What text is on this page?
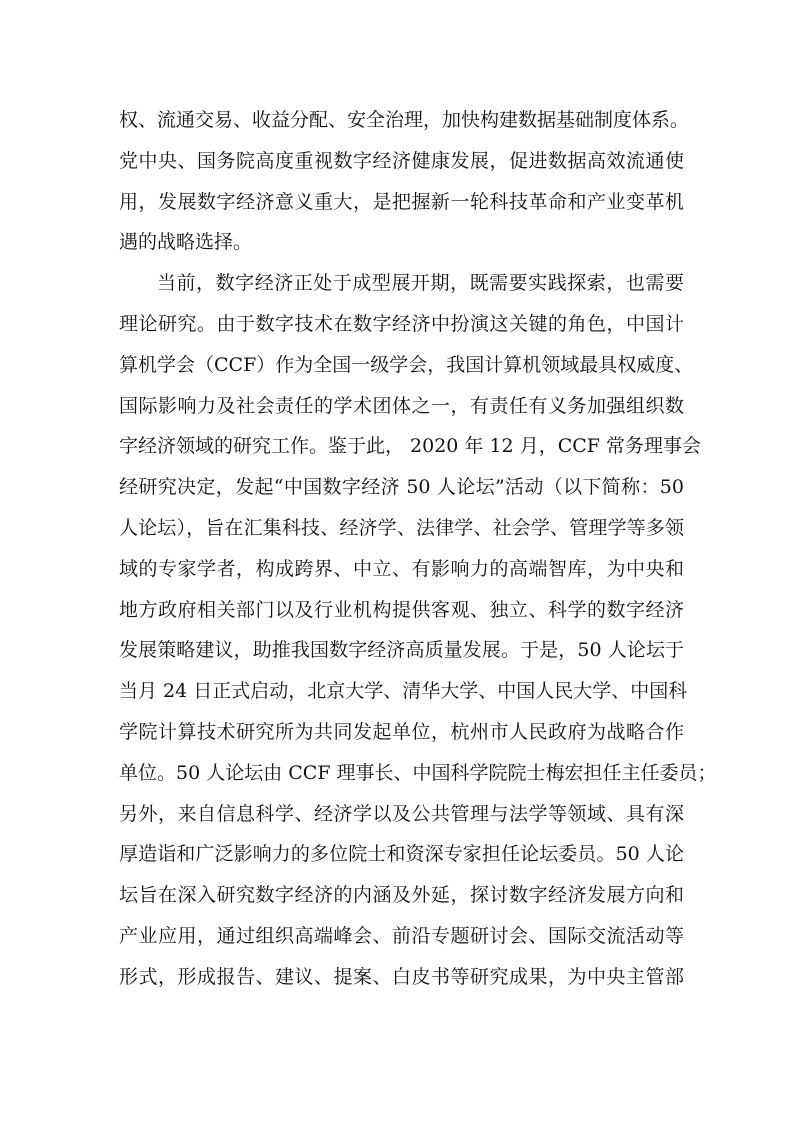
权、流通交易、收益分配、安全治理，加快构建数据基础制度体系。
党中央、国务院高度重视数字经济健康发展，促进数据高效流通使
用，发展数字经济意义重大，是把握新一轮科技革命和产业变革机
遇的战略选择。
当前，数字经济正处于成型展开期，既需要实践探索，也需要
理论研究。由于数字技术在数字经济中扮演这关键的角色，中国计
算机学会（CCF）作为全国一级学会，我国计算机领域最具权威度、
国际影响力及社会责任的学术团体之一，有责任有义务加强组织数
字经济领域的研究工作。鉴于此， 2020 年 12 月，CCF 常务理事会
经研究决定，发起“中国数字经济 50 人论坛”活动（以下简称：50
人论坛），旨在汇集科技、经济学、法律学、社会学、管理学等多领
域的专家学者，构成跨界、中立、有影响力的高端智库，为中央和
地方政府相关部门以及行业机构提供客观、独立、科学的数字经济
发展策略建议，助推我国数字经济高质量发展。于是，50 人论坛于
当月 24 日正式启动，北京大学、清华大学、中国人民大学、中国科
学院计算技术研究所为共同发起单位，杭州市人民政府为战略合作
单位。50 人论坛由 CCF 理事长、中国科学院院士梅宏担任主任委员；
另外，来自信息科学、经济学以及公共管理与法学等领域、具有深
厚造诣和广泛影响力的多位院士和资深专家担任论坛委员。50 人论
坛旨在深入研究数字经济的内涵及外延，探讨数字经济发展方向和
产业应用，通过组织高端峰会、前沿专题研讨会、国际交流活动等
形式，形成报告、建议、提案、白皮书等研究成果，为中央主管部
